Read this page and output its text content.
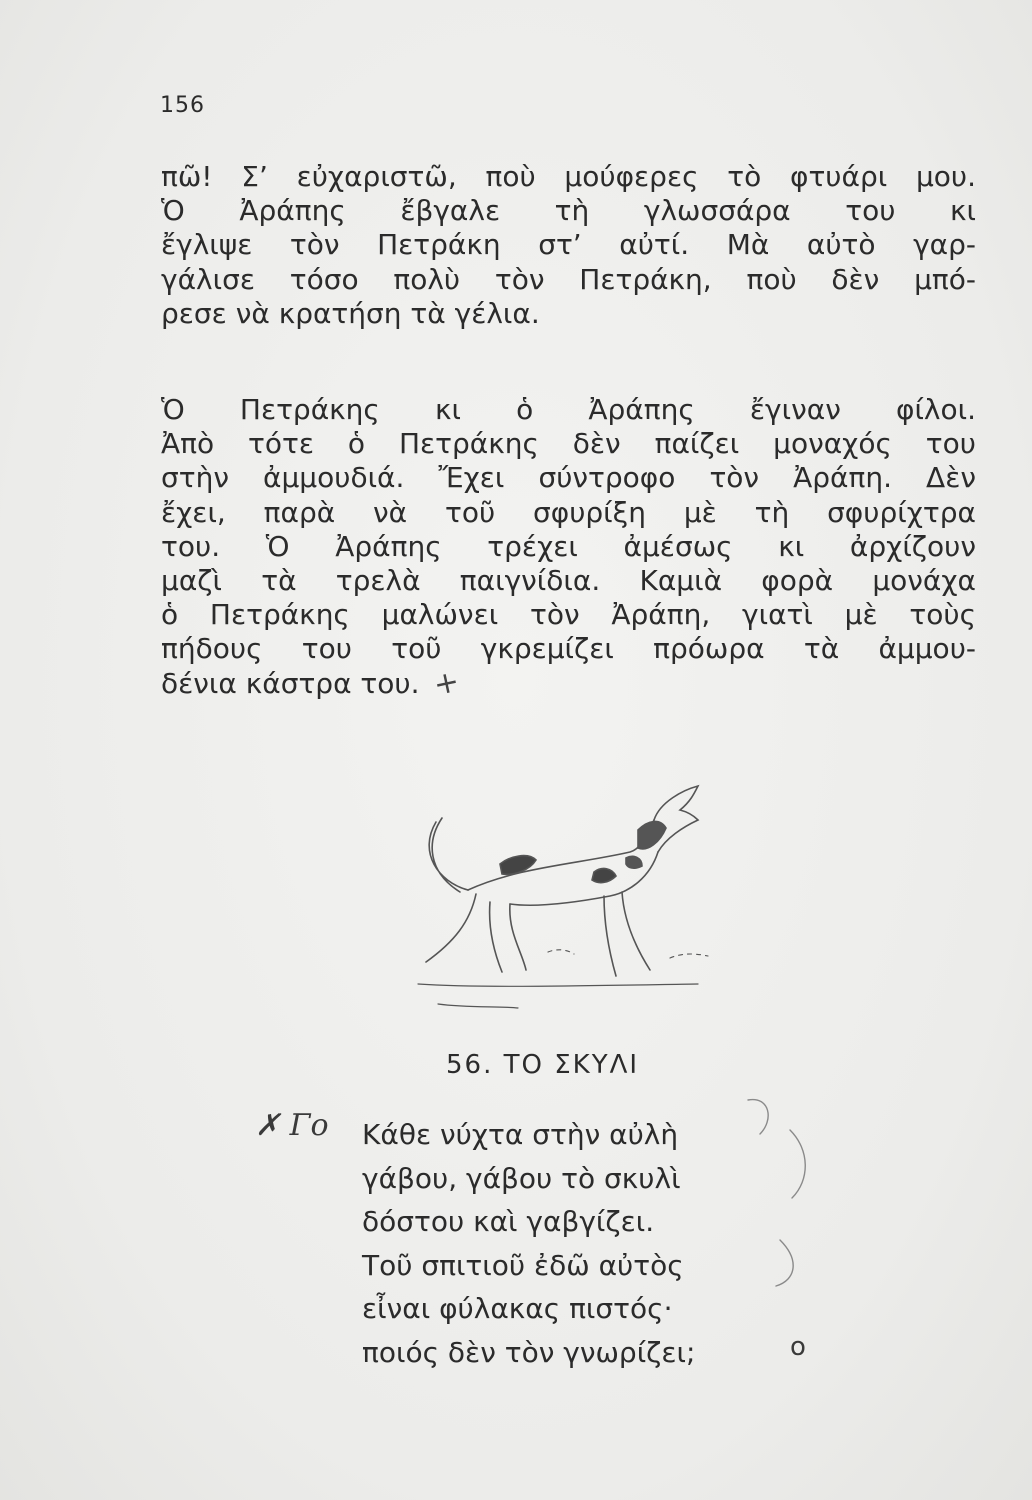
156
πῶ! Σ’ εὐχαριστῶ, ποὺ μούφερες τὸ φτυάρι μου.
Ὁ Ἀράπης ἔβγαλε τὴ γλωσσάρα του κι
ἔγλιψε τὸν Πετράκη στ’ αὐτί. Μὰ αὐτὸ γαρ-
γάλισε τόσο πολὺ τὸν Πετράκη, ποὺ δὲν μπό-
ρεσε νὰ κρατήση τὰ γέλια.
Ὁ Πετράκης κι ὁ Ἀράπης ἔγιναν φίλοι.
Ἀπὸ τότε ὁ Πετράκης δὲν παίζει μοναχός του
στὴν ἀμμουδιά. Ἔχει σύντροφο τὸν Ἀράπη. Δὲν
ἔχει, παρὰ νὰ τοῦ σφυρίξη μὲ τὴ σφυρίχτρα
του. Ὁ Ἀράπης τρέχει ἀμέσως κι ἀρχίζουν
μαζὶ τὰ τρελὰ παιγνίδια. Καμιὰ φορὰ μονάχα
ὁ Πετράκης μαλώνει τὸν Ἀράπη, γιατὶ μὲ τοὺς
πήδους του τοῦ γκρεμίζει πρόωρα τὰ ἀμμου-
δένια κάστρα του. +
56. ΤΟ ΣΚΥΛΙ
✗ Γο Κάθε νύχτα στὴν αὐλὴ
γάβου, γάβου τὸ σκυλὶ
δόστου καὶ γαβγίζει.
Τοῦ σπιτιοῦ ἐδῶ αὐτὸς
εἶναι φύλακας πιστός·
ποιός δὲν τὸν γνωρίζει;	o
